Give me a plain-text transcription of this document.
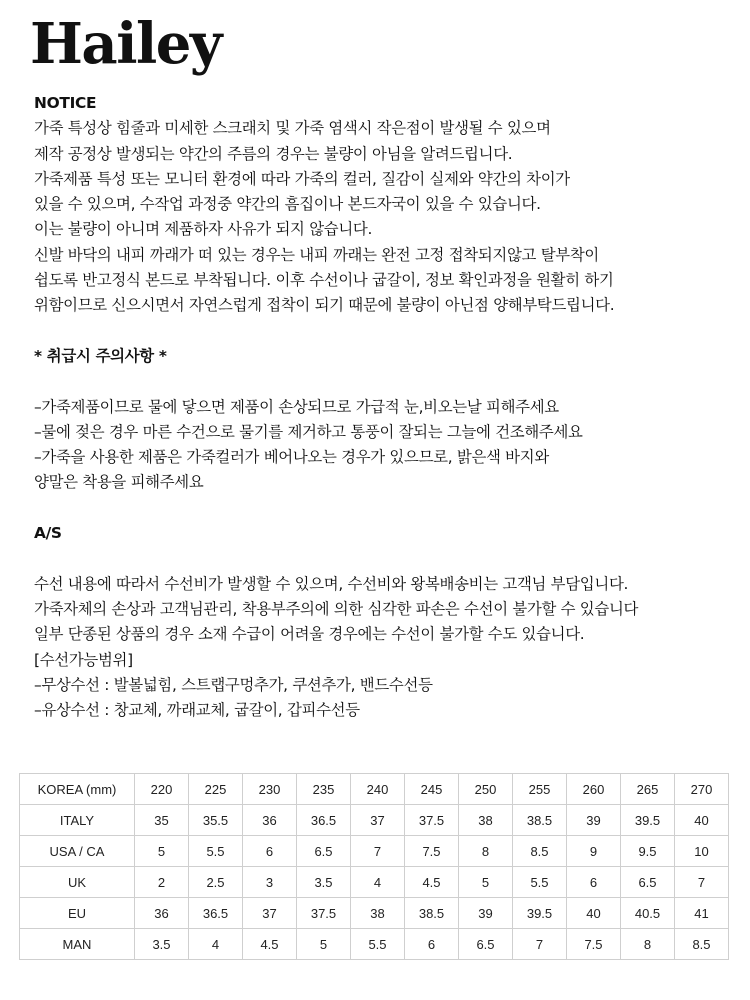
Hailey
NOTICE
가죽 특성상 힘줄과 미세한 스크래치 및 가죽 염색시 작은점이 발생될 수 있으며
제작 공정상 발생되는 약간의 주름의 경우는 불량이 아님을 알려드립니다.
가죽제품 특성 또는 모니터 환경에 따라 가죽의 컬러, 질감이 실제와 약간의 차이가
있을 수 있으며, 수작업 과정중 약간의 흠집이나 본드자국이 있을 수 있습니다.
이는 불량이 아니며 제품하자 사유가 되지 않습니다.
신발 바닥의 내피 까래가 떠 있는 경우는 내피 까래는 완전 고정 접착되지않고 탈부착이
쉽도록 반고정식 본드로 부착됩니다. 이후 수선이나 굽갈이, 정보 확인과정을 원활히 하기
위함이므로 신으시면서 자연스럽게 접착이 되기 때문에 불량이 아닌점 양해부탁드립니다.
* 취급시 주의사항 *
–가죽제품이므로 물에 닿으면 제품이 손상되므로 가급적 눈,비오는날 피해주세요
–물에 젖은 경우 마른 수건으로 물기를 제거하고 통풍이 잘되는 그늘에 건조해주세요
–가죽을 사용한 제품은 가죽컬러가 베어나오는 경우가 있으므로, 밝은색 바지와
양말은 착용을 피해주세요
A/S
수선 내용에 따라서 수선비가 발생할 수 있으며, 수선비와 왕복배송비는 고객님 부담입니다.
가죽자체의 손상과 고객님관리, 착용부주의에 의한 심각한 파손은 수선이 불가할 수 있습니다
일부 단종된 상품의 경우 소재 수급이 어려울 경우에는 수선이 불가할 수도 있습니다.
[수선가능범위]
–무상수선 : 발볼넓힘, 스트랩구멍추가, 쿠션추가, 밴드수선등
–유상수선 : 창교체, 까래교체, 굽갈이, 갑피수선등
KOREA (mm)	220	225	230	235	240	245	250	255	260	265	270
ITALY	35	35.5	36	36.5	37	37.5	38	38.5	39	39.5	40
USA / CA	5	5.5	6	6.5	7	7.5	8	8.5	9	9.5	10
UK	2	2.5	3	3.5	4	4.5	5	5.5	6	6.5	7
EU	36	36.5	37	37.5	38	38.5	39	39.5	40	40.5	41
MAN	3.5	4	4.5	5	5.5	6	6.5	7	7.5	8	8.5
